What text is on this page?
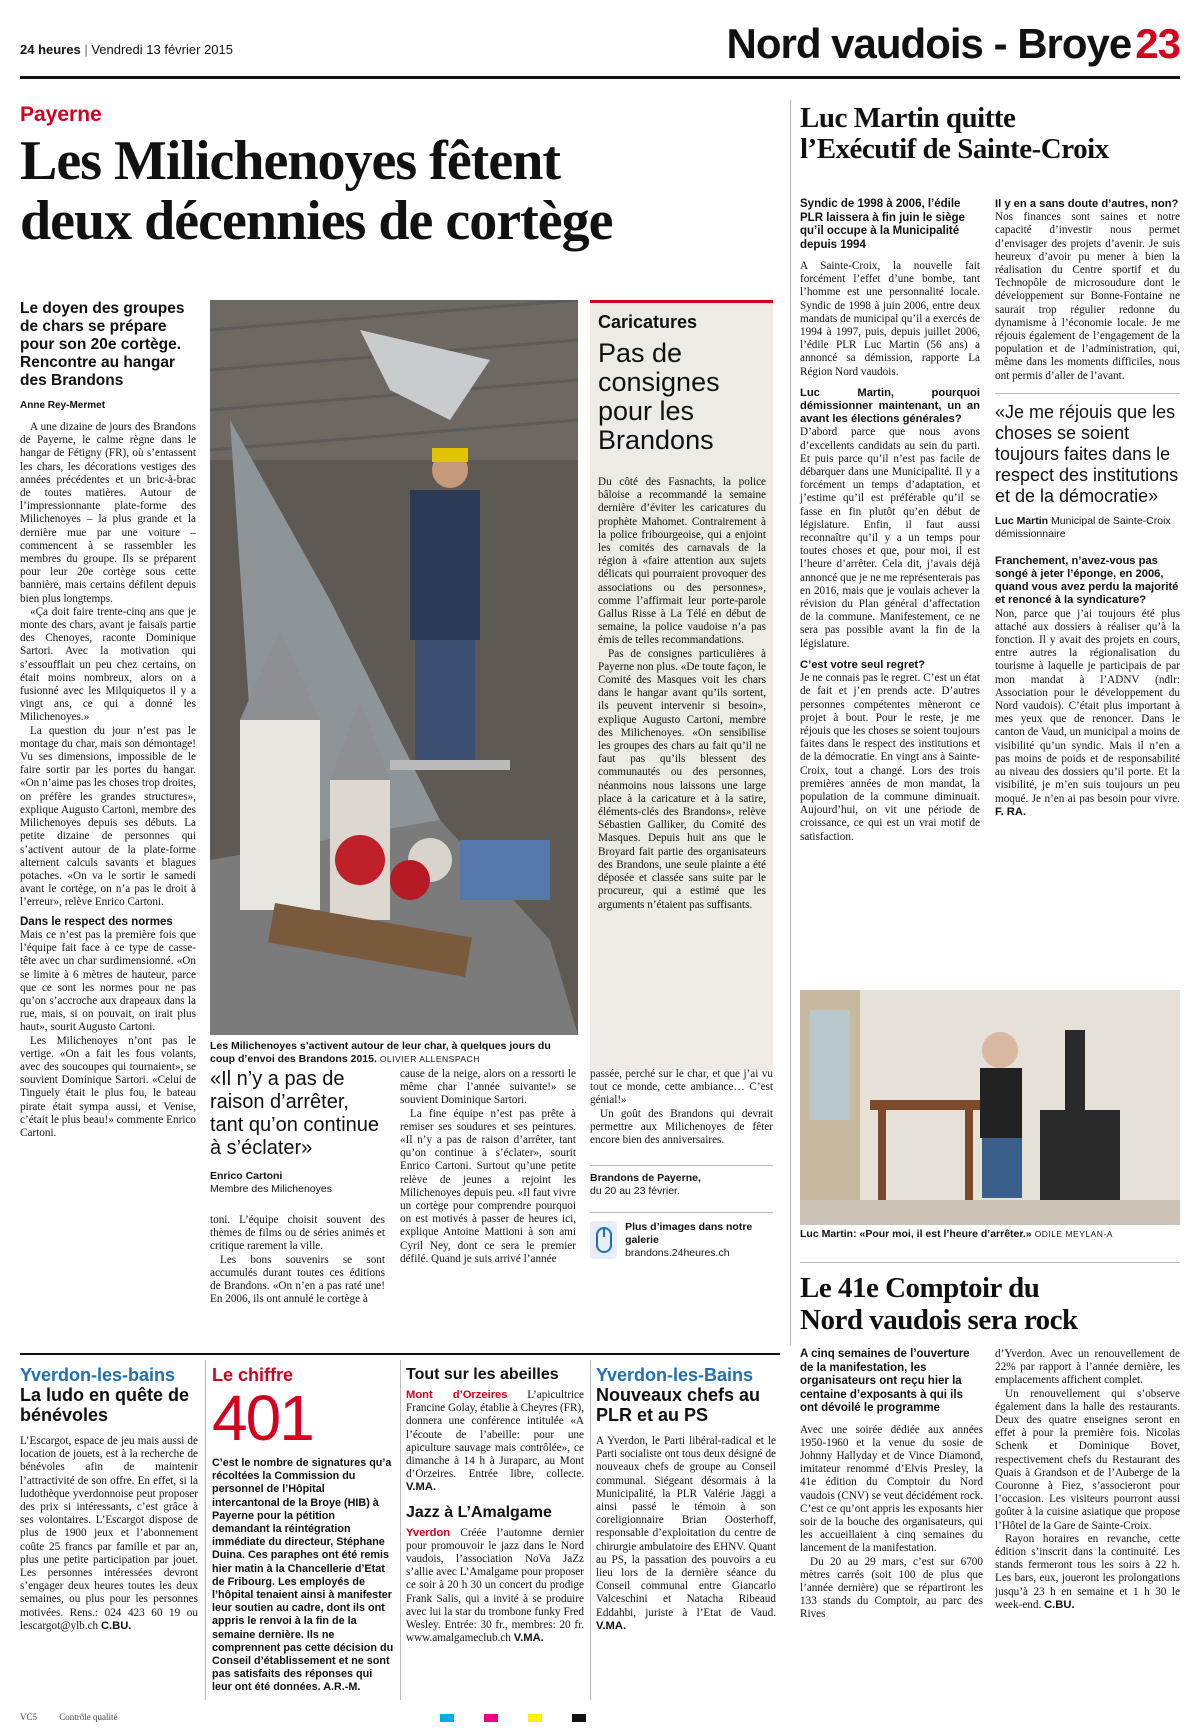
24 heures | Vendredi 13 février 2015	Nord vaudois - Broye23
Payerne
Les Milichenoyes fêtent
deux décennies de cortège
Le doyen des groupes de chars se prépare pour son 20e cortège. Rencontre au hangar des Brandons
Anne Rey-Mermet

A une dizaine de jours des Brandons de Payerne, le calme règne dans le hangar de Fétigny (FR), où s’entassent les chars, les décorations vestiges des années précédentes et un bric-à-brac de toutes matières. Autour de l’impressionnante plate-forme des Milichenoyes – la plus grande et la dernière mue par une voiture – commencent à se rassembler les membres du groupe. Ils se préparent pour leur 20e cortège sous cette bannière, mais certains défilent depuis bien plus longtemps.

«Ça doit faire trente-cinq ans que je monte des chars, avant je faisais partie des Chenoyes, raconte Dominique Sartori. Avec la motivation qui s’essoufflait un peu chez certains, on était moins nombreux, alors on a fusionné avec les Milquiquetos il y a vingt ans, ce qui a donné les Milichenoyes.»

La question du jour n’est pas le montage du char, mais son démontage! Vu ses dimensions, impossible de le faire sortir par les portes du hangar. «On n’aime pas les choses trop droites, on préfère les grandes structures», explique Augusto Cartoni, membre des Milichenoyes depuis ses débuts. La petite dizaine de personnes qui s’activent autour de la plate-forme alternent calculs savants et blagues potaches. «On va le sortir le samedi avant le cortège, on n’a pas le droit à l’erreur», relève Enrico Cartoni.

Dans le respect des normes

Mais ce n’est pas la première fois que l’équipe fait face à ce type de casse-tête avec un char surdimensionné. «On se limite à 6 mètres de hauteur, parce que ce sont les normes pour ne pas qu’on s’accroche aux drapeaux dans la rue, mais, si on pouvait, on irait plus haut», sourit Augusto Cartoni.

Les Milichenoyes n’ont pas le vertige. «On a fait les fous volants, avec des soucoupes qui tournaient», se souvient Dominique Sartori. «Celui de Tinguely était le plus fou, le bateau pirate était sympa aussi, et Venise, c’était le plus beau!» commente Enrico Cartoni.

Les Milichenoyes s’activent autour de leur char, à quelques jours du coup d’envoi des Brandons 2015. OLIVIER ALLENSPACH
Caricatures
Pas de consignes pour les Brandons

Du côté des Fasnachts, la police bâloise a recommandé la semaine dernière d’éviter les caricatures du prophète Mahomet. Contrairement à la police fribourgeoise, qui a enjoint les comités des carnavals de la région à «faire attention aux sujets délicats qui pourraient provoquer des associations ou des personnes», comme l’affirmait leur porte-parole Gallus Risse à La Télé en début de semaine, la police vaudoise n’a pas émis de telles recommandations.

Pas de consignes particulières à Payerne non plus. «De toute façon, le Comité des Masques voit les chars dans le hangar avant qu’ils sortent, ils peuvent intervenir si besoin», explique Augusto Cartoni, membre des Milichenoyes. «On sensibilise les groupes des chars au fait qu’il ne faut pas qu’ils blessent des communautés ou des personnes, néanmoins nous laissons une large place à la caricature et à la satire, éléments-clés des Brandons», relève Sébastien Galliker, du Comité des Masques. Depuis huit ans que le Broyard fait partie des organisateurs des Brandons, une seule plainte a été déposée et classée sans suite par le procureur, qui a estimé que les arguments n’étaient pas suffisants.

«Il n’y a pas de raison d’arrêter, tant qu’on continue à s’éclater»
Enrico Cartoni
Membre des Milichenoyes

toni. L’équipe choisit souvent des thèmes de films ou de séries animés et critique rarement la ville.

Les bons souvenirs se sont accumulés durant toutes ces éditions de Brandons. «On n’en a pas raté une! En 2006, ils ont annulé le cortège à

cause de la neige, alors on a ressorti le même char l’année suivante!» se souvient Dominique Sartori.

La fine équipe n’est pas prête à remiser ses soudures et ses peintures. «Il n’y a pas de raison d’arrêter, tant qu’on continue à s’éclater», sourit Enrico Cartoni. Surtout qu’une petite relève de jeunes a rejoint les Milichenoyes depuis peu. «Il faut vivre un cortège pour comprendre pourquoi on est motivés à passer de heures ici, explique Antoine Mattioni à son ami Cyril Ney, dont ce sera le premier défilé. Quand je suis arrivé l’année

passée, perché sur le char, et que j’ai vu tout ce monde, cette ambiance… C’est génial!»

Un goût des Brandons qui devrait permettre aux Milichenoyes de fêter encore bien des anniversaires.

Brandons de Payerne,
du 20 au 23 février.
Plus d’images dans notre galerie
brandons.24heures.ch
Luc Martin quitte
l’Exécutif de Sainte-Croix
Syndic de 1998 à 2006, l’édile PLR laissera à fin juin le siège qu’il occupe à la Municipalité depuis 1994

A Sainte-Croix, la nouvelle fait forcément l’effet d’une bombe, tant l’homme est une personnalité locale. Syndic de 1998 à juin 2006, entre deux mandats de municipal qu’il a exercés de 1994 à 1997, puis, depuis juillet 2006, l’édile PLR Luc Martin (56 ans) a annoncé sa démission, rapporte La Région Nord vaudois.

Luc Martin, pourquoi démissionner maintenant, un an avant les élections générales?

D’abord parce que nous avons d’excellents candidats au sein du parti. Et puis parce qu’il n’est pas facile de débarquer dans une Municipalité. Il y a forcément un temps d’adaptation, et j’estime qu’il est préférable qu’il se fasse en fin plutôt qu’en début de législature. Enfin, il faut aussi reconnaître qu’il y a un temps pour toutes choses et que, pour moi, il est l’heure d’arrêter. Cela dit, j’avais déjà annoncé que je ne me représenterais pas en 2016, mais que je voulais achever la révision du Plan général d’affectation de la commune. Manifestement, ce ne sera pas possible avant la fin de la législature.

C’est votre seul regret?

Je ne connais pas le regret. C’est un état de fait et j’en prends acte. D’autres personnes compétentes mèneront ce projet à bout. Pour le reste, je me réjouis que les choses se soient toujours faites dans le respect des institutions et de la démocratie. En vingt ans à Sainte-Croix, tout a changé. Lors des trois premières années de mon mandat, la population de la commune diminuait. Aujourd’hui, on vit une période de croissance, ce qui est un vrai motif de satisfaction.

Il y en a sans doute d’autres, non?

Nos finances sont saines et notre capacité d’investir nous permet d’envisager des projets d’avenir. Je suis heureux d’avoir pu mener à bien la réalisation du Centre sportif et du Technopôle de microsoudure dont le développement sur Bonne-Fontaine ne saurait trop régulier redonne du dynamisme à l’économie locale. Je me réjouis également de l’engagement de la population et de l’administration, qui, même dans les moments difficiles, nous ont permis d’aller de l’avant.

«Je me réjouis que les choses se soient toujours faites dans le respect des institutions et de la démocratie»
Luc Martin Municipal de Sainte-Croix démissionnaire
Franchement, n’avez-vous pas songé à jeter l’éponge, en 2006, quand vous avez perdu la majorité et renoncé à la syndicature?

Non, parce que j’ai toujours été plus attaché aux dossiers à réaliser qu’à la fonction. Il y avait des projets en cours, entre autres la régionalisation du tourisme à laquelle je participais de par mon mandat à l’ADNV (ndlr: Association pour le développement du Nord vaudois). C’était plus important à mes yeux que de renoncer. Dans le canton de Vaud, un municipal a moins de visibilité qu’un syndic. Mais il n’en a pas moins de poids et de responsabilité au niveau des dossiers qu’il porte. Et la visibilité, je m’en suis toujours un peu moqué. Je n’en ai pas besoin pour vivre. F. RA.

Luc Martin: «Pour moi, il est l’heure d’arrêter.» ODILE MEYLAN-A
Le 41e Comptoir du
Nord vaudois sera rock
A cinq semaines de l’ouverture de la manifestation, les organisateurs ont reçu hier la centaine d’exposants à qui ils ont dévoilé le programme

Avec une soirée dédiée aux années 1950-1960 et la venue du sosie de Johnny Hallyday et de Vince Diamond, imitateur renommé d’Elvis Presley, la 41e édition du Comptoir du Nord vaudois (CNV) se veut décidément rock. C’est ce qu’ont appris les exposants hier soir de la bouche des organisateurs, qui les accueillaient à cinq semaines du lancement de la manifestation.

Du 20 au 29 mars, c’est sur 6700 mètres carrés (soit 100 de plus que l’année dernière) que se répartiront les 133 stands du Comptoir, au parc des Rives

d’Yverdon. Avec un renouvellement de 22% par rapport à l’année dernière, les emplacements affichent complet.

Un renouvellement qui s’observe également dans la halle des restaurants. Deux des quatre enseignes seront en effet à pour la première fois. Nicolas Schenk et Dominique Bovet, respectivement chefs du Restaurant des Quais à Grandson et de l’Auberge de la Couronne à Fiez, s’associeront pour l’occasion. Les visiteurs pourront aussi goûter à la cuisine asiatique que propose l’Hôtel de la Gare de Sainte-Croix.

Rayon horaires en revanche, cette édition s’inscrit dans la continuité. Les stands fermeront tous les soirs à 22 h. Les bars, eux, joueront les prolongations jusqu’à 23 h en semaine et 1 h 30 le week-end. C.BU.

Yverdon-les-bains
La ludo en quête de bénévoles

L’Escargot, espace de jeu mais aussi de location de jouets, est à la recherche de bénévoles afin de maintenir l’attractivité de son offre. En effet, si la ludothèque yverdonnoise peut proposer des prix si intéressants, c’est grâce à ses volontaires. L’Escargot dispose de plus de 1900 jeux et l’abonnement coûte 25 francs par famille et par an, plus une petite participation par jouet. Les personnes intéressées devront s’engager deux heures toutes les deux semaines, ou plus pour les personnes motivées. Rens.: 024 423 60 19 ou lescargot@ylb.ch C.BU.

Le chiffre
401
C’est le nombre de signatures qu’a récoltées la Commission du personnel de l’Hôpital intercantonal de la Broye (HIB) à Payerne pour la pétition demandant la réintégration immédiate du directeur, Stéphane Duina. Ces paraphes ont été remis hier matin à la Chancellerie d’Etat de Fribourg. Les employés de l’hôpital tenaient ainsi à manifester leur soutien au cadre, dont ils ont appris le renvoi à la fin de la semaine dernière. Ils ne comprennent pas cette décision du Conseil d’établissement et ne sont pas satisfaits des réponses qui leur ont été données. A.R.-M.
Tout sur les abeilles

Mont d’Orzeires L’apicultrice Francine Golay, établie à Cheyres (FR), donnera une conférence intitulée «A l’écoute de l’abeille: pour une apiculture sauvage mais contrôlée», ce dimanche à 14 h à Juraparc, au Mont d’Orzeires. Entrée libre, collecte. V.MA.

Jazz à L’Amalgame

Yverdon Créée l’automne dernier pour promouvoir le jazz dans le Nord vaudois, l’association NoVa JaZz s’allie avec L’Amalgame pour proposer ce soir à 20 h 30 un concert du prodige Frank Salis, qui a invité à se produire avec lui la star du trombone funky Fred Wesley. Entrée: 30 fr., membres: 20 fr. www.amalgameclub.ch V.MA.

Yverdon-les-Bains
Nouveaux chefs au PLR et au PS

A Yverdon, le Parti libéral-radical et le Parti socialiste ont tous deux désigné de nouveaux chefs de groupe au Conseil communal. Siégeant désormais à la Municipalité, la PLR Valérie Jaggi a ainsi passé le témoin à son coreligionnaire Brian Oosterhoff, responsable d’exploitation du centre de chirurgie ambulatoire des EHNV. Quant au PS, la passation des pouvoirs a eu lieu lors de la dernière séance du Conseil communal entre Giancarlo Valceschini et Natacha Ribeaud Eddahbi, juriste à l’Etat de Vaud. V.MA.

VC5 Contrôle qualité
